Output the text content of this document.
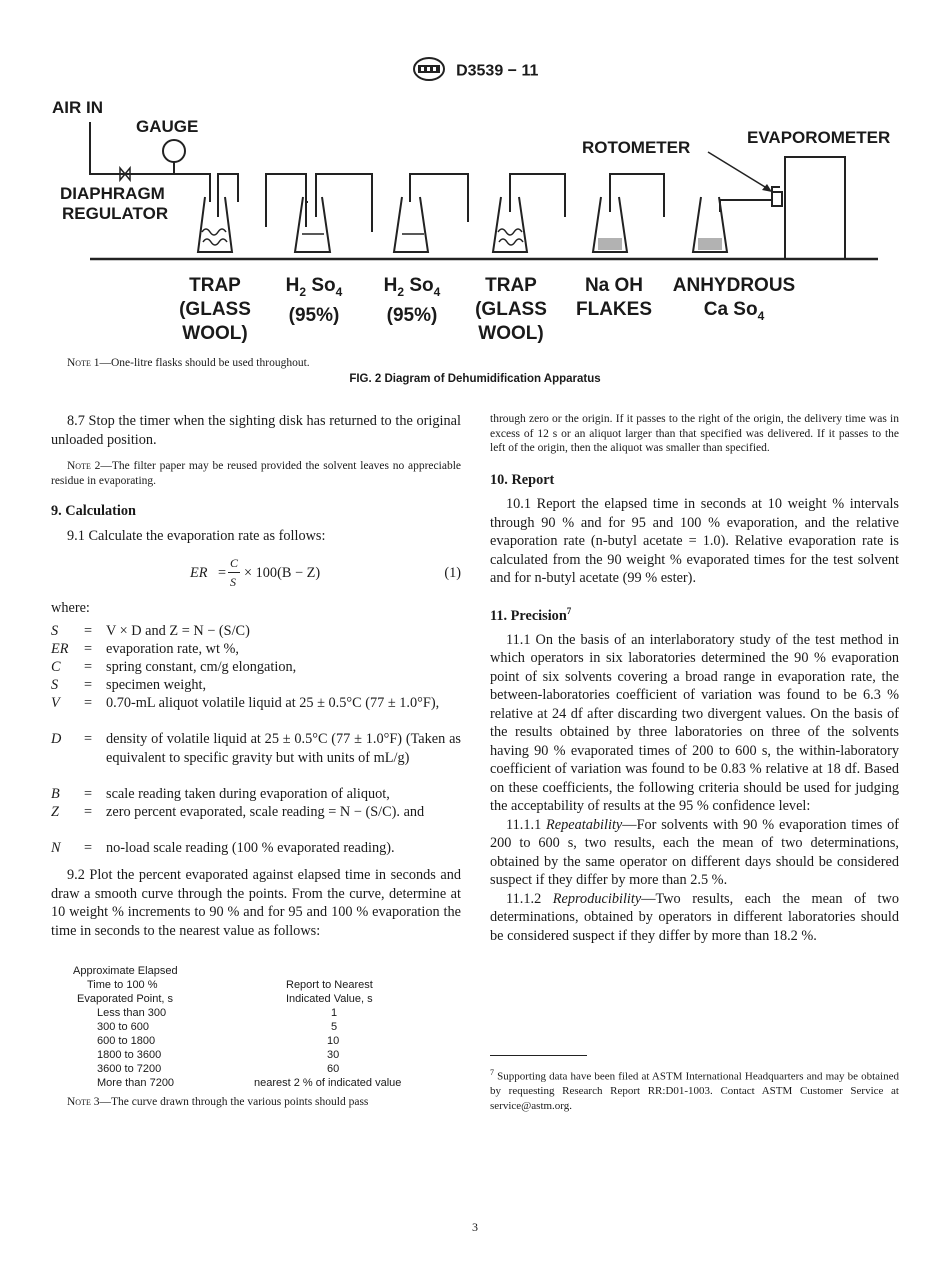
D3539 − 11
AIR IN
GAUGE
DIAPHRAGM
REGULATOR
ROTOMETER
EVAPOROMETER
TRAP
(GLASS
WOOL)
$H_2$ $So_4$
(95%)
$H_2$ $So_4$
(95%)
TRAP
(GLASS
WOOL)
Na OH
FLAKES
ANHYDROUS
Ca $So_4$
Note 1—One-litre flasks should be used throughout.
FIG. 2 Diagram of Dehumidification Apparatus

8.7 Stop the timer when the sighting disk has returned to the original unloaded position.

Note 2—The filter paper may be reused provided the solvent leaves no appreciable residue in evaporating.

9. Calculation

9.1 Calculate the evaporation rate as follows:

ER =
C
S
× 100(B − Z)	(1)
where:
S = V × D and Z = N − (S/C)
ER = evaporation rate, wt %,
C = spring constant, cm/g elongation,
S = specimen weight,
V = 0.70-mL aliquot volatile liquid at 25 ± 0.5°C (77 ± 1.0°F),
D = density of volatile liquid at 25 ± 0.5°C (77 ± 1.0°F) (Taken as equivalent to specific gravity but with units of mL/g)
B = scale reading taken during evaporation of aliquot,
Z = zero percent evaporated, scale reading = N − (S/C). and
N = no-load scale reading (100 % evaporated reading).

9.2 Plot the percent evaporated against elapsed time in seconds and draw a smooth curve through the points. From the curve, determine at 10 weight % increments to 90 % and for 95 and 100 % evaporation the time in seconds to the nearest value as follows:

Approximate Elapsed
Time to 100 %
Evaporated Point, s
Report to Nearest
Indicated Value, s
Less than 300	1
300 to 600	5
600 to 1800	10
1800 to 3600	30
3600 to 7200	60
More than 7200	nearest 2 % of indicated value
Note 3—The curve drawn through the various points should pass

through zero or the origin. If it passes to the right of the origin, the delivery time was in excess of 12 s or an aliquot larger than that specified was delivered. If it passes to the left of the origin, then the aliquot was smaller than specified.

10. Report

10.1 Report the elapsed time in seconds at 10 weight % intervals through 90 % and for 95 and 100 % evaporation, and the relative evaporation rate (n-butyl acetate = 1.0). Relative evaporation rate is calculated from the 90 weight % evaporated times for the test solvent and for n-butyl acetate (99 % ester).

11. Precision$^7$

11.1 On the basis of an interlaboratory study of the test method in which operators in six laboratories determined the 90 % evaporation point of six solvents covering a broad range in evaporation rate, the between-laboratories coefficient of variation was found to be 6.3 % relative at 24 df after discarding two divergent values. On the basis of the results obtained by three laboratories on three of the solvents having 90 % evaporated times of 200 to 600 s, the within-laboratory coefficient of variation was found to be 0.83 % relative at 18 df. Based on these coefficients, the following criteria should be used for judging the acceptability of results at the 95 % confidence level:

11.1.1 Repeatability—For solvents with 90 % evaporation times of 200 to 600 s, two results, each the mean of two determinations, obtained by the same operator on different days should be considered suspect if they differ by more than 2.5 %.

11.1.2 Reproducibility—Two results, each the mean of two determinations, obtained by operators in different laboratories should be considered suspect if they differ by more than 18.2 %.

$^7$ Supporting data have been filed at ASTM International Headquarters and may be obtained by requesting Research Report RR:D01-1003. Contact ASTM Customer Service at service@astm.org.
3
